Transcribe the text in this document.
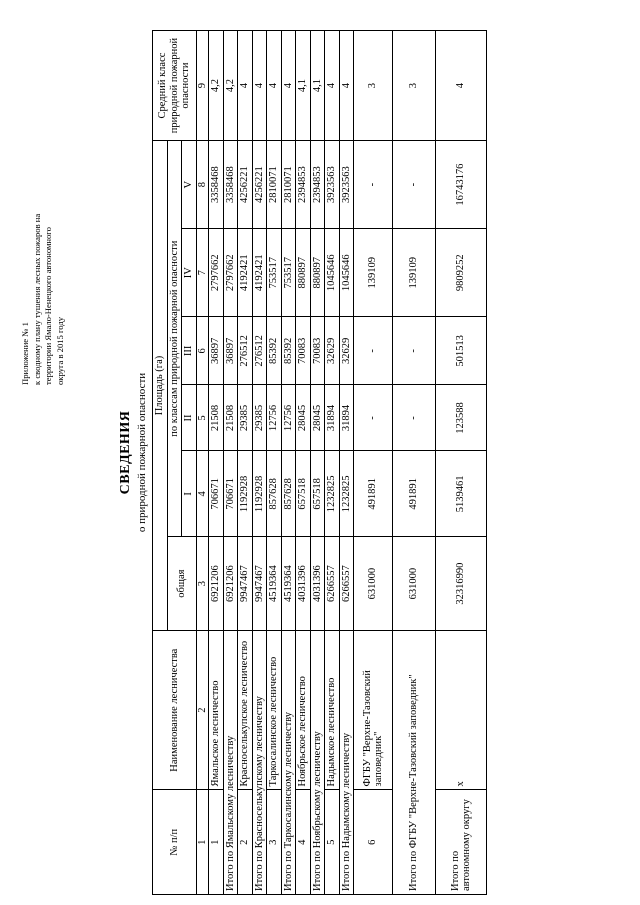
Приложение № 1 к сводному плану тушения лесных пожаров на территории Ямало-Ненецкого автономного округа в 2015 году
СВЕДЕНИЯ о природной пожарной опасности
№ п/п	Наименование лесничества	Площадь (га)						Средний класс природной пожарной опасности
		общая	по классам природной пожарной опасности					
			I	II	III	IV	V	
1	2	3	4	5	6	7	8	9
1	Ямальское лесничество	6921206	706671	21508	36897	2797662	3358468	4,2
Итого по Ямальскому лесничеству		6921206	706671	21508	36897	2797662	3358468	4,2
2	Красноселькупское лесничество	9947467	1192928	29385	276512	4192421	4256221	4
Итого по Красноселькупскому лесничеству		9947467	1192928	29385	276512	4192421	4256221	4
3	Таркосалинское лесничество	4519364	857628	12756	85392	753517	2810071	4
Итого по Таркосалинскому лесничеству		4519364	857628	12756	85392	753517	2810071	4
4	Ноябрьское лесничество	4031396	657518	28045	70083	880897	2394853	4,1
Итого по Ноябрьскому лесничеству		4031396	657518	28045	70083	880897	2394853	4,1
5	Надымское лесничество	6266557	1232825	31894	32629	1045646	3923563	4
Итого по Надымскому лесничеству		6266557	1232825	31894	32629	1045646	3923563	4
6	ФГБУ "Верхне-Тазовский заповедник"	631000	491891	-	-	139109	-	3
Итого по ФГБУ "Верхне-Тазовский заповедник"		631000	491891	-	-	139109	-	3
Итого по автономному округу	х	32316990	5139461	123588	501513	9809252	16743176	4
